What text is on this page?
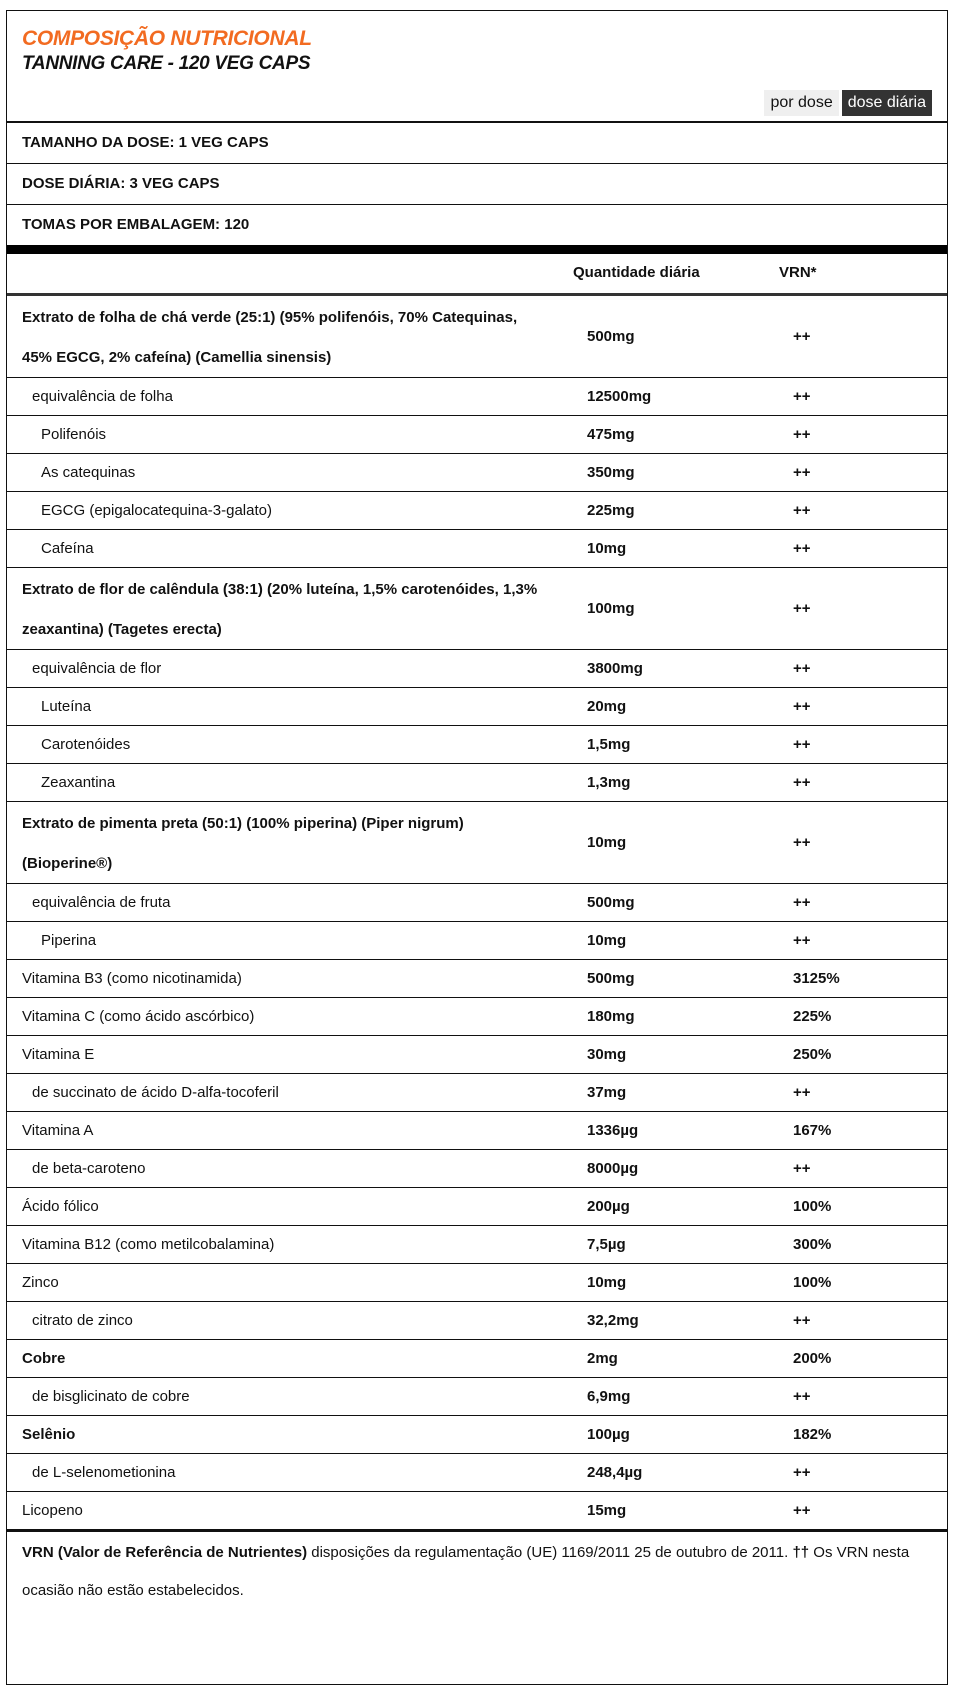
COMPOSIÇÃO NUTRICIONAL
TANNING CARE - 120 VEG CAPS
por dose dose diária
TAMANHO DA DOSE: 1 VEG CAPS
DOSE DIÁRIA: 3 VEG CAPS
TOMAS POR EMBALAGEM: 120
Quantidade diária	VRN*
Extrato de folha de chá verde (25:1) (95% polifenóis, 70% Catequinas, 45% EGCG, 2% cafeína) (Camellia sinensis)
500mg	++
equivalência de folha	12500mg	++
Polifenóis	475mg	++
As catequinas	350mg	++
EGCG (epigalocatequina-3-galato)	225mg	++
Cafeína	10mg	++
Extrato de flor de calêndula (38:1) (20% luteína, 1,5% carotenóides, 1,3% zeaxantina) (Tagetes erecta)
100mg	++
equivalência de flor	3800mg	++
Luteína	20mg	++
Carotenóides	1,5mg	++
Zeaxantina	1,3mg	++
Extrato de pimenta preta (50:1) (100% piperina) (Piper nigrum) (Bioperine®)
10mg	++
equivalência de fruta	500mg	++
Piperina	10mg	++
Vitamina B3 (como nicotinamida)	500mg	3125%
Vitamina C (como ácido ascórbico)	180mg	225%
Vitamina E	30mg	250%
de succinato de ácido D-alfa-tocoferil	37mg	++
Vitamina A	1336µg	167%
de beta-caroteno	8000µg	++
Ácido fólico	200µg	100%
Vitamina B12 (como metilcobalamina)	7,5µg	300%
Zinco	10mg	100%
citrato de zinco	32,2mg	++
Cobre	2mg	200%
de bisglicinato de cobre	6,9mg	++
Selênio	100µg	182%
de L-selenometionina	248,4µg	++
Licopeno	15mg	++
VRN (Valor de Referência de Nutrientes) disposições da regulamentação (UE) 1169/2011 25 de outubro de 2011. †† Os VRN nesta ocasião não estão estabelecidos.
